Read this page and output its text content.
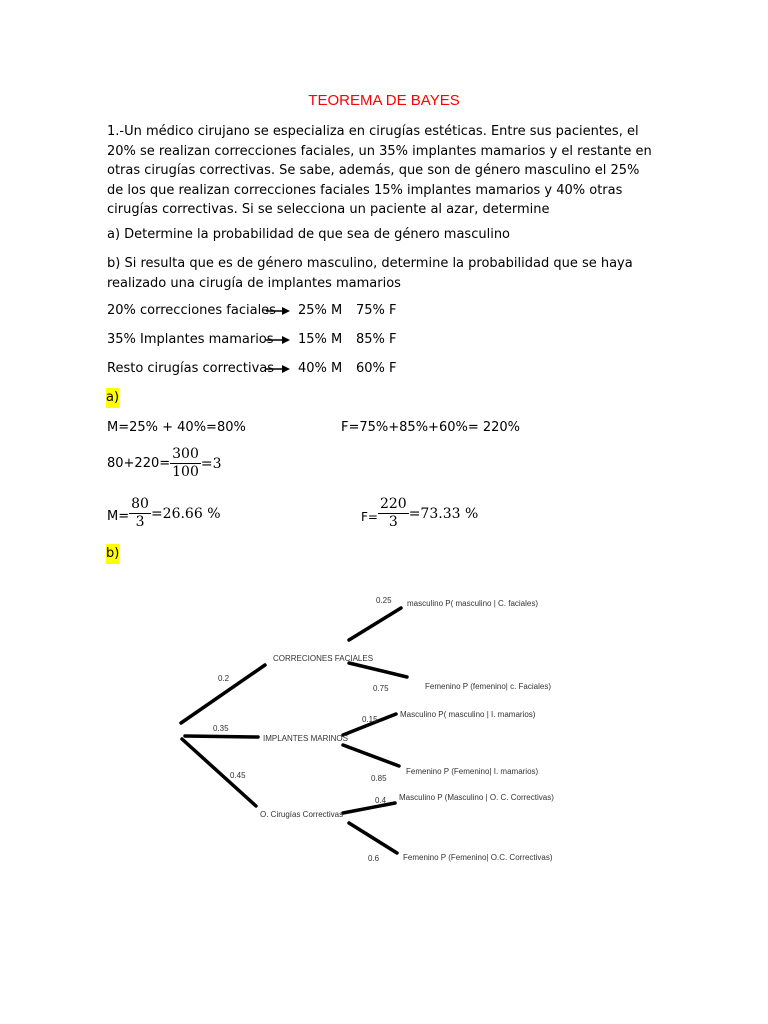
TEOREMA DE BAYES
1.-Un médico cirujano se especializa en cirugías estéticas. Entre sus pacientes, el 20% se realizan correcciones faciales, un 35% implantes mamarios y el restante en otras cirugías correctivas. Se sabe, además, que son de género masculino el 25% de los que realizan correcciones faciales 15% implantes mamarios y 40% otras cirugías correctivas. Si se selecciona un paciente al azar, determine
a) Determine la probabilidad de que sea de género masculino
b) Si resulta que es de género masculino, determine la probabilidad que se haya realizado una cirugía de implantes mamarios
20% correcciones faciales 25% M 75% F
35% Implantes mamarios 15% M 85% F
Resto cirugías correctivas 40% M 60% F
a)
M=25% + 40%=80%	F=75%+85%+60%= 220%
$80+220= \frac{300}{100} =3$
$M= \frac{80}{3} =26.66$ %	$F= \frac{220}{3} =73.33$ %
b)
0.2
0.35
0.45
CORRECIONES FACIALES
IMPLANTES MARINOS
O. Cirugías Correctivas
0.25
0.75
0.15
0.85
0.4
0.6
masculino P( masculino | C. faciales)
Femenino P (femenino| c. Faciales)
Masculino P( masculino | I. mamarios)
Femenino P (Femenino| I. mamarios)
Masculino P (Masculino | O. C. Correctivas)
Femenino P (Femenino| O.C. Correctivas)
